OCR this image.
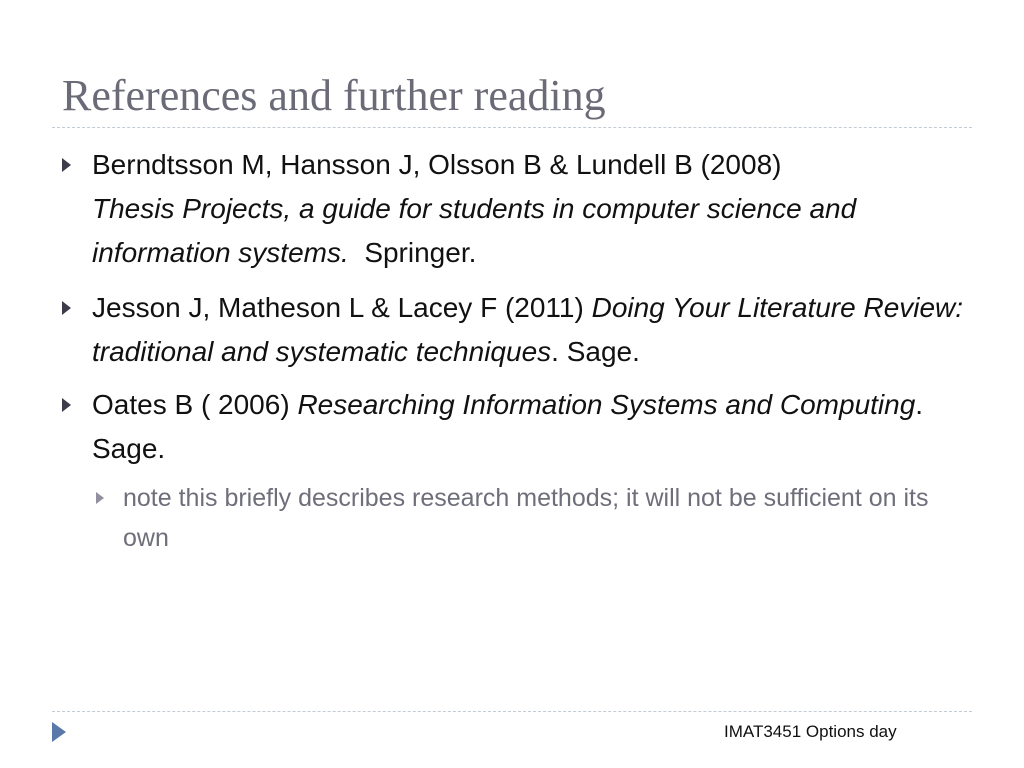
References and further reading
Berndtsson M, Hansson J, Olsson B & Lundell B (2008)
Thesis Projects, a guide for students in computer science and information systems. Springer.
Jesson J, Matheson L & Lacey F (2011) Doing Your Literature Review: traditional and systematic techniques. Sage.
Oates B ( 2006) Researching Information Systems and Computing. Sage.
note this briefly describes research methods; it will not be sufficient on its own
IMAT3451 Options day
